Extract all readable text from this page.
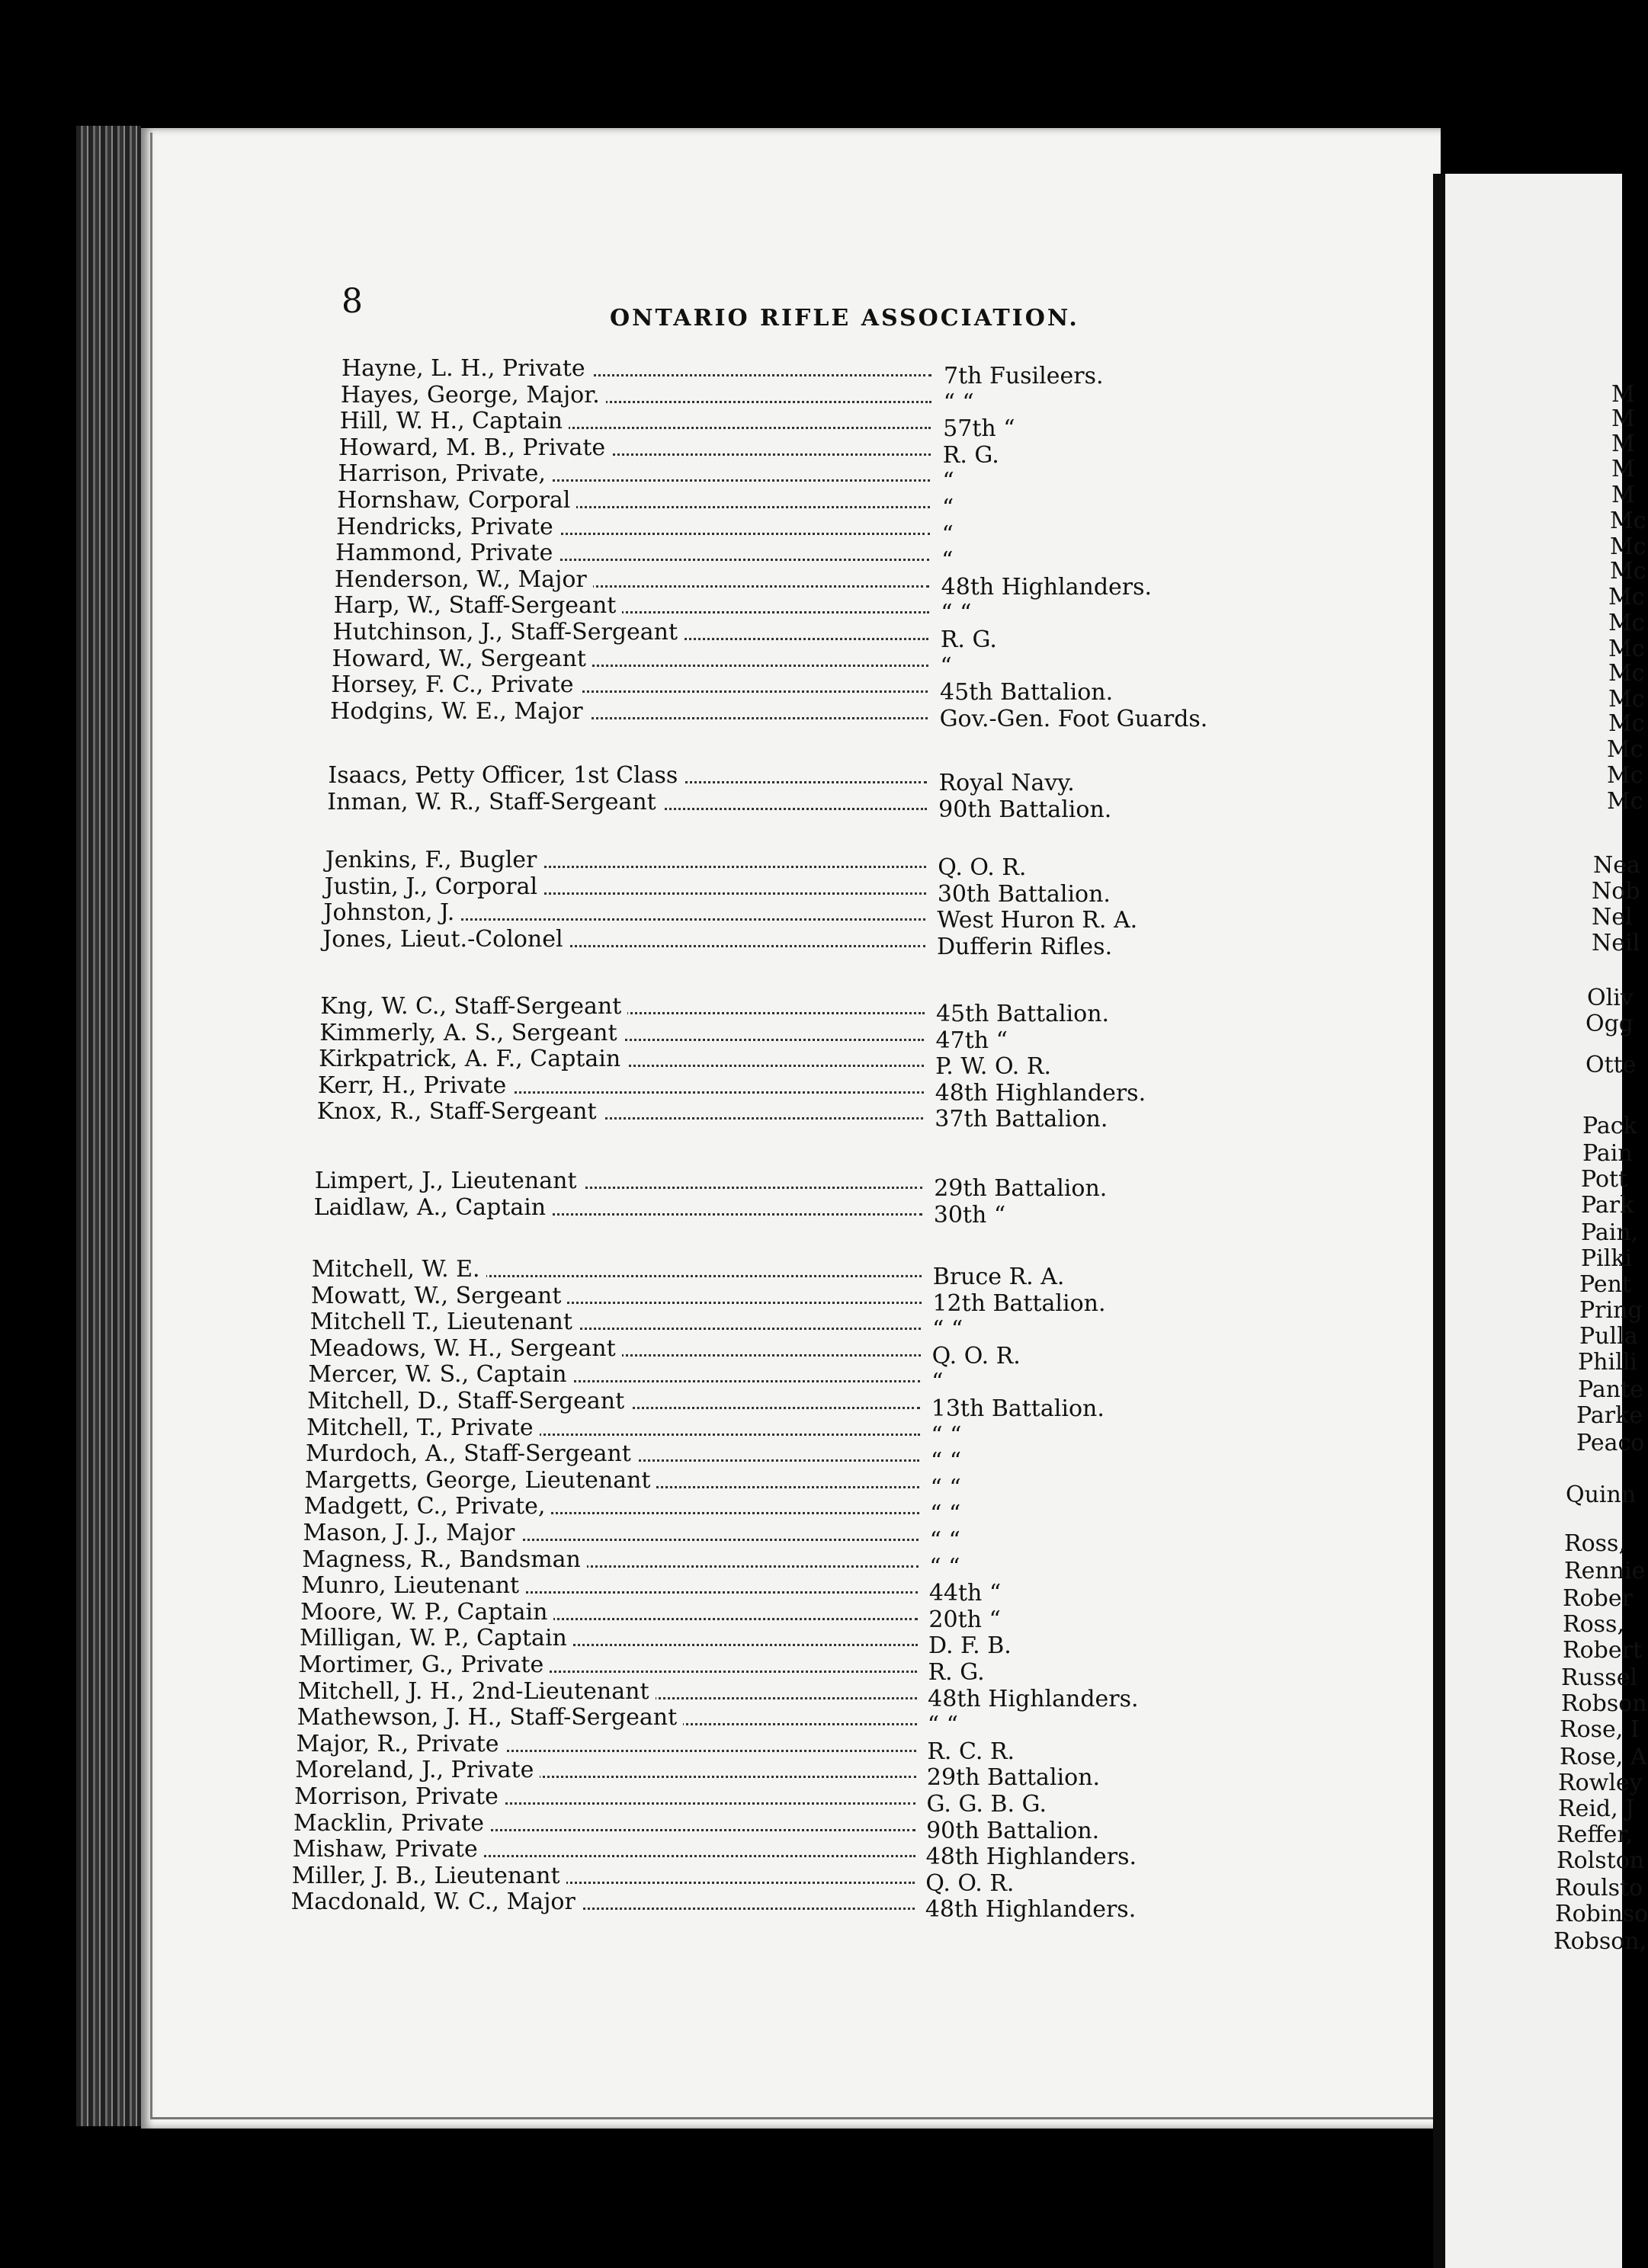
8	ONTARIO RIFLE ASSOCIATION.
Hayne, L. H., Private	7th Fusileers.
Hayes, George, Major.	“ “
Hill, W. H., Captain	57th “
Howard, M. B., Private	R. G.
Harrison, Private,	“
Hornshaw, Corporal	“
Hendricks, Private	“
Hammond, Private	“
Henderson, W., Major	48th Highlanders.
Harp, W., Staff-Sergeant	“ “
Hutchinson, J., Staff-Sergeant	R. G.
Howard, W., Sergeant	“
Horsey, F. C., Private	45th Battalion.
Hodgins, W. E., Major	Gov.-Gen. Foot Guards.
Isaacs, Petty Officer, 1st Class	Royal Navy.
Inman, W. R., Staff-Sergeant	90th Battalion.
Jenkins, F., Bugler	Q. O. R.
Justin, J., Corporal	30th Battalion.
Johnston, J.	West Huron R. A.
Jones, Lieut.-Colonel	Dufferin Rifles.
Kng, W. C., Staff-Sergeant	45th Battalion.
Kimmerly, A. S., Sergeant	47th “
Kirkpatrick, A. F., Captain	P. W. O. R.
Kerr, H., Private	48th Highlanders.
Knox, R., Staff-Sergeant	37th Battalion.
Limpert, J., Lieutenant	29th Battalion.
Laidlaw, A., Captain	30th “
Mitchell, W. E.	Bruce R. A.
Mowatt, W., Sergeant	12th Battalion.
Mitchell T., Lieutenant	“ “
Meadows, W. H., Sergeant	Q. O. R.
Mercer, W. S., Captain	“
Mitchell, D., Staff-Sergeant	13th Battalion.
Mitchell, T., Private	“ “
Murdoch, A., Staff-Sergeant	“ “
Margetts, George, Lieutenant	“ “
Madgett, C., Private,	“ “
Mason, J. J., Major	“ “
Magness, R., Bandsman	“ “
Munro, Lieutenant	44th “
Moore, W. P., Captain	20th “
Milligan, W. P., Captain	D. F. B.
Mortimer, G., Private	R. G.
Mitchell, J. H., 2nd-Lieutenant	48th Highlanders.
Mathewson, J. H., Staff-Sergeant	“ “
Major, R., Private	R. C. R.
Moreland, J., Private	29th Battalion.
Morrison, Private	G. G. B. G.
Macklin, Private	90th Battalion.
Mishaw, Private	48th Highlanders.
Miller, J. B., Lieutenant	Q. O. R.
Macdonald, W. C., Major	48th Highlanders.
M
M
M
M
M
Mc
Mc
Mc
Mc
Mc
Mc
Mc
Mc
Mc
Mc
Mc
Mc
Nea
Nob
Nel
Neil
Oliv
Ogg
Otte
Pack
Pain
Pott
Park
Pain,
Pilki
Pent
Pring
Pulla
Philli
Pante
Parke
Peaco
Quinn
Ross,
Rennie
Rober
Ross,
Robert
Russel
Robson
Rose, I
Rose, A
Rowley
Reid, J
Reffer,
Rolston
Roulsto
Robinso
Robson,
